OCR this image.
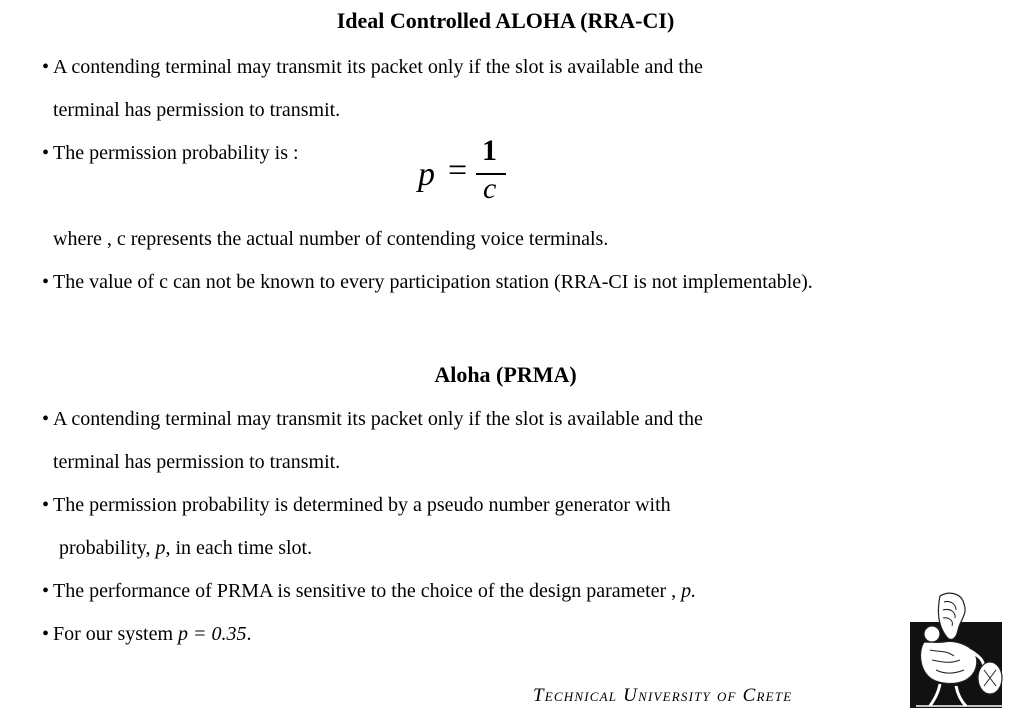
Ideal Controlled ALOHA (RRA-CI)
• A contending terminal may transmit its packet only if the slot is available and the
terminal has permission to transmit.
• The permission probability is :
p =
1
c
where , c represents the actual number of contending voice terminals.
• The value of c can not be known to every participation station (RRA-CI is not implementable).
Aloha (PRMA)
• A contending terminal may transmit its packet only if the slot is available and the
terminal has permission to transmit.
• The permission probability is determined by a pseudo number generator with
probability, p, in each time slot.
• The performance of PRMA is sensitive to the choice of the design parameter , p.
• For our system p = 0.35.
Technical University of Crete
